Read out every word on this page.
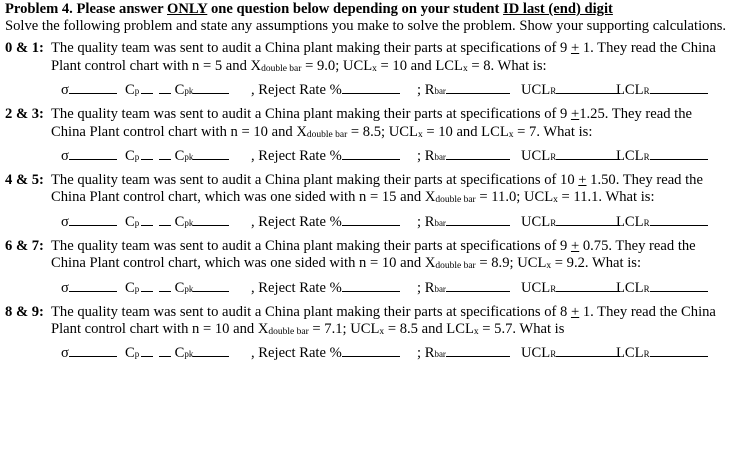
Problem 4. Please answer ONLY one question below depending on your student ID last (end) digit

Solve the following problem and state any assumptions you make to solve the problem. Show your supporting calculations.

0 & 1: The quality team was sent to audit a China plant making their parts at specifications of 9 + 1. They read the China Plant control chart with n = 5 and Xdouble bar = 9.0; UCLx = 10 and LCLx = 8. What is:

σ	Cp	Cpk	, Reject Rate %	; Rbar	UCLR	LCLR
2 & 3: The quality team was sent to audit a China plant making their parts at specifications of 9 +1.25. They read the China Plant control chart with n = 10 and Xdouble bar = 8.5; UCLx = 10 and LCLx = 7. What is:

σ	Cp	Cpk	, Reject Rate %	; Rbar	UCLR	LCLR
4 & 5: The quality team was sent to audit a China plant making their parts at specifications of 10 + 1.50. They read the China Plant control chart, which was one sided with n = 15 and Xdouble bar = 11.0; UCLx = 11.1. What is:

σ	Cp	Cpk	, Reject Rate %	; Rbar	UCLR	LCLR
6 & 7: The quality team was sent to audit a China plant making their parts at specifications of 9 + 0.75. They read the China Plant control chart, which was one sided with n = 10 and Xdouble bar = 8.9; UCLx = 9.2. What is:

σ	Cp	Cpk	, Reject Rate %	; Rbar	UCLR	LCLR
8 & 9: The quality team was sent to audit a China plant making their parts at specifications of 8 + 1. They read the China Plant control chart with n = 10 and Xdouble bar = 7.1; UCLx = 8.5 and LCLx = 5.7. What is

σ	Cp	Cpk	, Reject Rate %	; Rbar	UCLR	LCLR
